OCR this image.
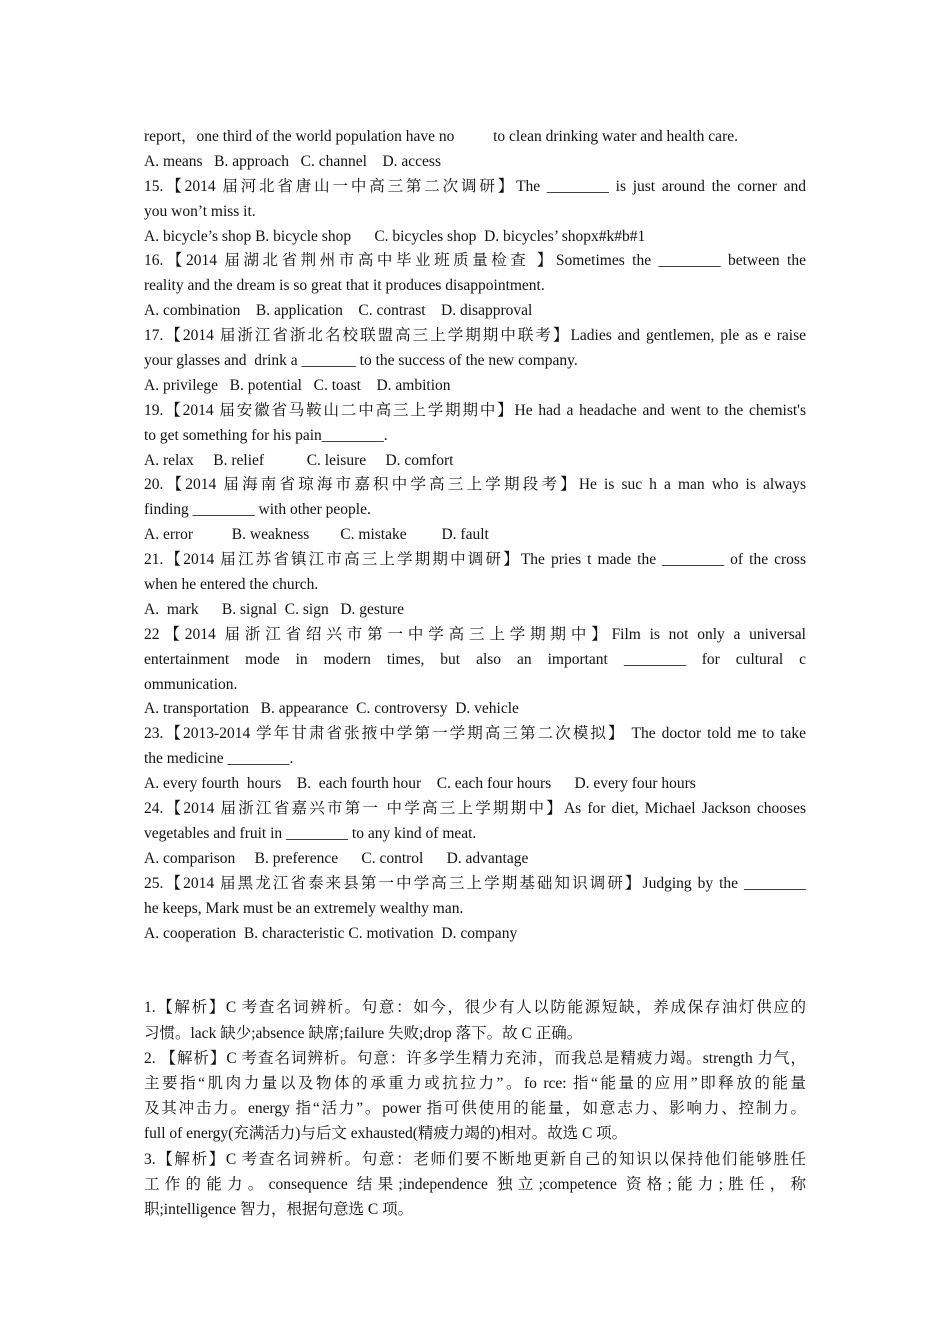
report，one third of the world population have no          to clean drinking water and health care.
A. means   B. approach   C. channel    D. access
15.【2014 届河北省唐山一中高三第二次调研】The ________ is just around the corner and
you won’t miss it.
A. bicycle’s shop B. bicycle shop      C. bicycles shop  D. bicycles’ shopx#k#b#1
16.【2014 届湖北省荆州市高中毕业班质量检查 】Sometimes the ________ between the
reality and the dream is so great that it produces disappointment.
A. combination    B. application    C. contrast    D. disapproval
17.【2014 届浙江省浙北名校联盟高三上学期期中联考】Ladies and gentlemen, ple as e raise
your glasses and  drink a _______ to the success of the new company.
A. privilege   B. potential   C. toast    D. ambition
19.【2014 届安徽省马鞍山二中高三上学期期中】He had a headache and went to the chemist's
to get something for his pain________.
A. relax     B. relief           C. leisure     D. comfort
20.【2014 届海南省琼海市嘉积中学高三上学期段考】He is suc h a man who is always
finding ________ with other people.
A. error          B. weakness        C. mistake         D. fault
21.【2014 届江苏省镇江市高三上学期期中调研】The pries t made the ________ of the cross
when he entered the church.
A.  mark      B. signal  C. sign   D. gesture
22【2014 届浙江省绍兴市第一中学高三上学期期中】Film is not only a universal
entertainment mode in modern times, but also an important ________ for cultural c
ommunication.
A. transportation   B. appearance  C. controversy  D. vehicle
23.【2013-2014 学年甘肃省张掖中学第一学期高三第二次模拟】 The doctor told me to take
the medicine ________.
A. every fourth  hours    B.  each fourth hour    C. each four hours      D. every four hours
24.【2014 届浙江省嘉兴市第一 中学高三上学期期中】As for diet, Michael Jackson chooses
vegetables and fruit in ________ to any kind of meat.
A. comparison     B. preference      C. control      D. advantage
25.【2014 届黑龙江省泰来县第一中学高三上学期基础知识调研】Judging by the ________
he keeps, Mark must be an extremely wealthy man.
A. cooperation  B. characteristic C. motivation  D. company
1.【解析】C 考查名词辨析。句意：如今，很少有人以防能源短缺，养成保存油灯供应的
习惯。lack 缺少;absence 缺席;failure 失败;drop 落下。故 C 正确。
2. 【解析】C 考查名词辨析。句意：许多学生精力充沛，而我总是精疲力竭。strength 力气，
主要指“肌肉力量以及物体的承重力或抗拉力”。fo rce: 指“能量的应用”即释放的能量
及其冲击力。energy 指“活力”。power 指可供使用的能量，如意志力、影响力、控制力。
full of energy(充满活力)与后文 exhausted(精疲力竭的)相对。故选 C 项。
3.【解析】C 考查名词辨析。句意：老师们要不断地更新自己的知识以保持他们能够胜任
工作的能力。consequence 结果;independence 独立;competence 资格;能力;胜任，称
职;intelligence 智力，根据句意选 C 项。
